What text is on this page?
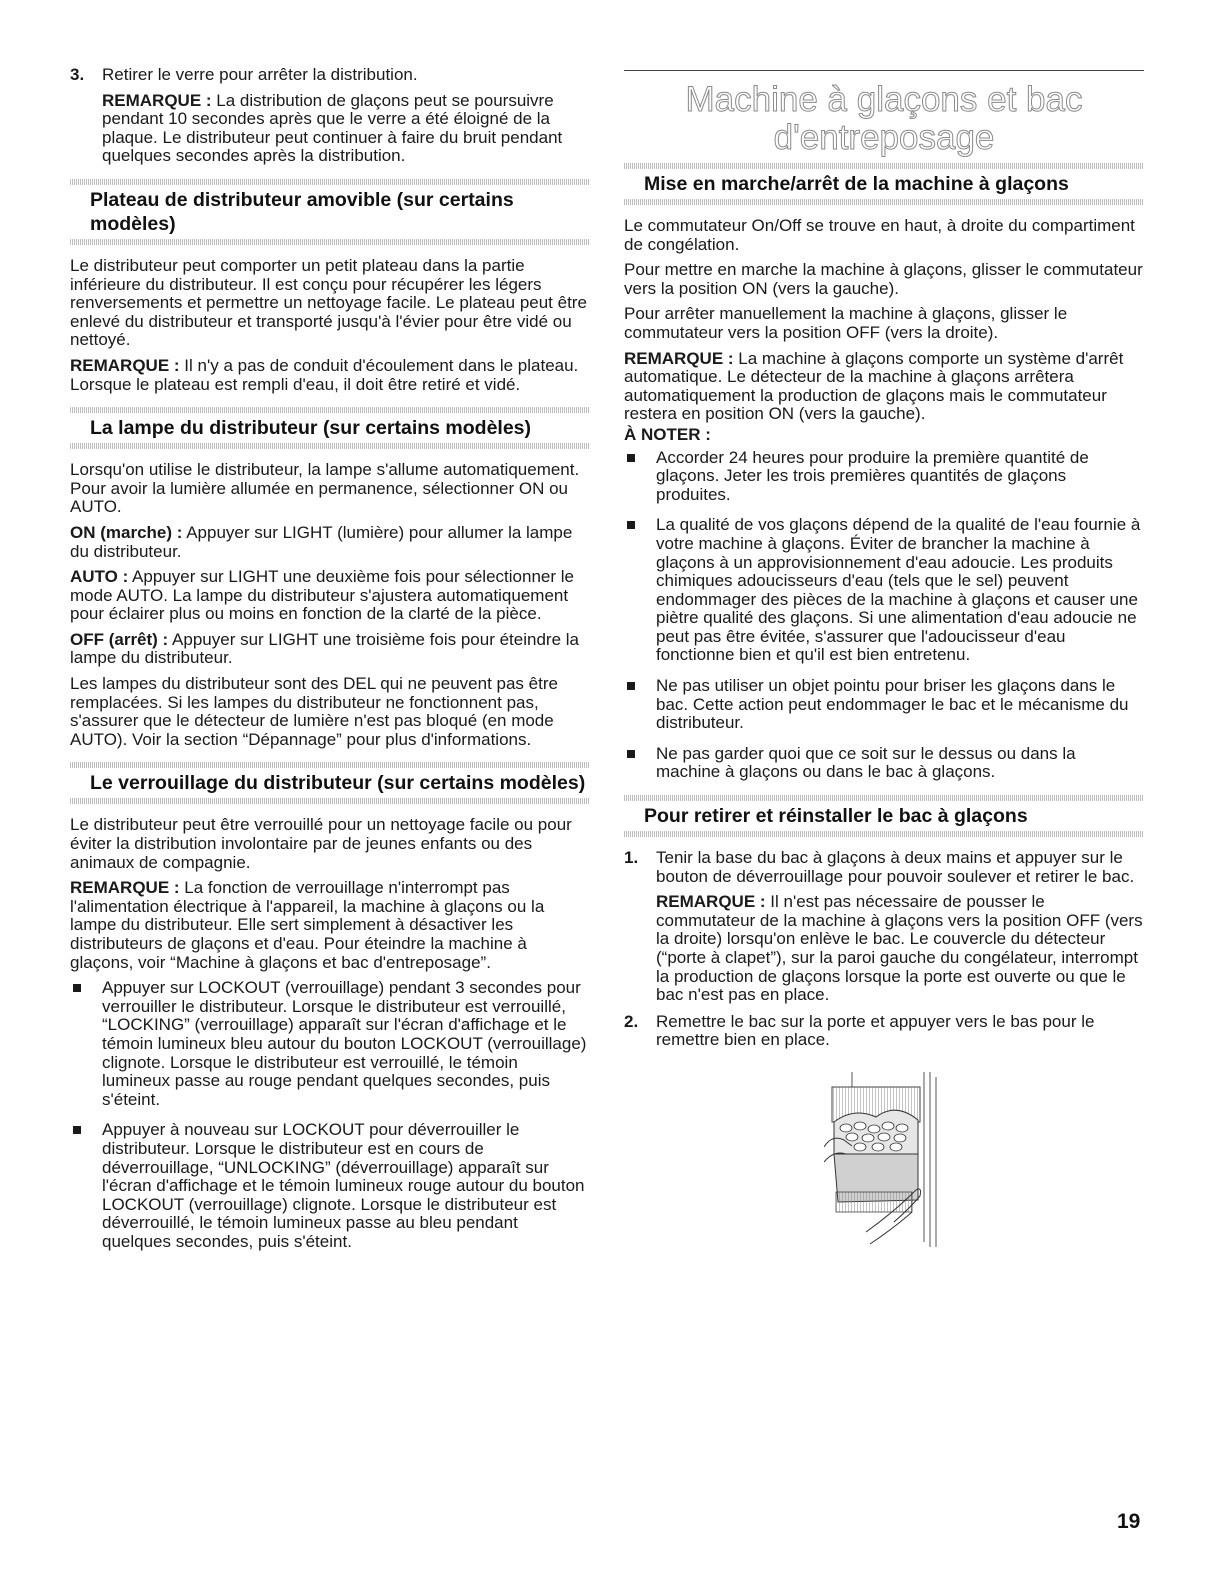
3. Retirer le verre pour arrêter la distribution.

REMARQUE : La distribution de glaçons peut se poursuivre pendant 10 secondes après que le verre a été éloigné de la plaque. Le distributeur peut continuer à faire du bruit pendant quelques secondes après la distribution.

Plateau de distributeur amovible (sur certains modèles)

Le distributeur peut comporter un petit plateau dans la partie inférieure du distributeur. Il est conçu pour récupérer les légers renversements et permettre un nettoyage facile. Le plateau peut être enlevé du distributeur et transporté jusqu'à l'évier pour être vidé ou nettoyé.

REMARQUE : Il n'y a pas de conduit d'écoulement dans le plateau. Lorsque le plateau est rempli d'eau, il doit être retiré et vidé.

La lampe du distributeur (sur certains modèles)

Lorsqu'on utilise le distributeur, la lampe s'allume automatiquement. Pour avoir la lumière allumée en permanence, sélectionner ON ou AUTO.

ON (marche) : Appuyer sur LIGHT (lumière) pour allumer la lampe du distributeur.

AUTO : Appuyer sur LIGHT une deuxième fois pour sélectionner le mode AUTO. La lampe du distributeur s'ajustera automatiquement pour éclairer plus ou moins en fonction de la clarté de la pièce.

OFF (arrêt) : Appuyer sur LIGHT une troisième fois pour éteindre la lampe du distributeur.

Les lampes du distributeur sont des DEL qui ne peuvent pas être remplacées. Si les lampes du distributeur ne fonctionnent pas, s'assurer que le détecteur de lumière n'est pas bloqué (en mode AUTO). Voir la section “Dépannage” pour plus d'informations.

Le verrouillage du distributeur (sur certains modèles)

Le distributeur peut être verrouillé pour un nettoyage facile ou pour éviter la distribution involontaire par de jeunes enfants ou des animaux de compagnie.

REMARQUE : La fonction de verrouillage n'interrompt pas l'alimentation électrique à l'appareil, la machine à glaçons ou la lampe du distributeur. Elle sert simplement à désactiver les distributeurs de glaçons et d'eau. Pour éteindre la machine à glaçons, voir “Machine à glaçons et bac d'entreposage”.

Appuyer sur LOCKOUT (verrouillage) pendant 3 secondes pour verrouiller le distributeur. Lorsque le distributeur est verrouillé, “LOCKING” (verrouillage) apparaît sur l'écran d'affichage et le témoin lumineux bleu autour du bouton LOCKOUT (verrouillage) clignote. Lorsque le distributeur est verrouillé, le témoin lumineux passe au rouge pendant quelques secondes, puis s'éteint.
Appuyer à nouveau sur LOCKOUT pour déverrouiller le distributeur. Lorsque le distributeur est en cours de déverrouillage, “UNLOCKING” (déverrouillage) apparaît sur l'écran d'affichage et le témoin lumineux rouge autour du bouton LOCKOUT (verrouillage) clignote. Lorsque le distributeur est déverrouillé, le témoin lumineux passe au bleu pendant quelques secondes, puis s'éteint.
Machine à glaçons et bac
d'entreposage
Mise en marche/arrêt de la machine à glaçons

Le commutateur On/Off se trouve en haut, à droite du compartiment de congélation.

Pour mettre en marche la machine à glaçons, glisser le commutateur vers la position ON (vers la gauche).

Pour arrêter manuellement la machine à glaçons, glisser le commutateur vers la position OFF (vers la droite).

REMARQUE : La machine à glaçons comporte un système d'arrêt automatique. Le détecteur de la machine à glaçons arrêtera automatiquement la production de glaçons mais le commutateur restera en position ON (vers la gauche).

À NOTER :

Accorder 24 heures pour produire la première quantité de glaçons. Jeter les trois premières quantités de glaçons produites.
La qualité de vos glaçons dépend de la qualité de l'eau fournie à votre machine à glaçons. Éviter de brancher la machine à glaçons à un approvisionnement d'eau adoucie. Les produits chimiques adoucisseurs d'eau (tels que le sel) peuvent endommager des pièces de la machine à glaçons et causer une piètre qualité des glaçons. Si une alimentation d'eau adoucie ne peut pas être évitée, s'assurer que l'adoucisseur d'eau fonctionne bien et qu'il est bien entretenu.
Ne pas utiliser un objet pointu pour briser les glaçons dans le bac. Cette action peut endommager le bac et le mécanisme du distributeur.
Ne pas garder quoi que ce soit sur le dessus ou dans la machine à glaçons ou dans le bac à glaçons.
Pour retirer et réinstaller le bac à glaçons
1. Tenir la base du bac à glaçons à deux mains et appuyer sur le bouton de déverrouillage pour pouvoir soulever et retirer le bac.

REMARQUE : Il n'est pas nécessaire de pousser le commutateur de la machine à glaçons vers la position OFF (vers la droite) lorsqu'on enlève le bac. Le couvercle du détecteur (“porte à clapet”), sur la paroi gauche du congélateur, interrompt la production de glaçons lorsque la porte est ouverte ou que le bac n'est pas en place.

2. Remettre le bac sur la porte et appuyer vers le bas pour le remettre bien en place.

19
